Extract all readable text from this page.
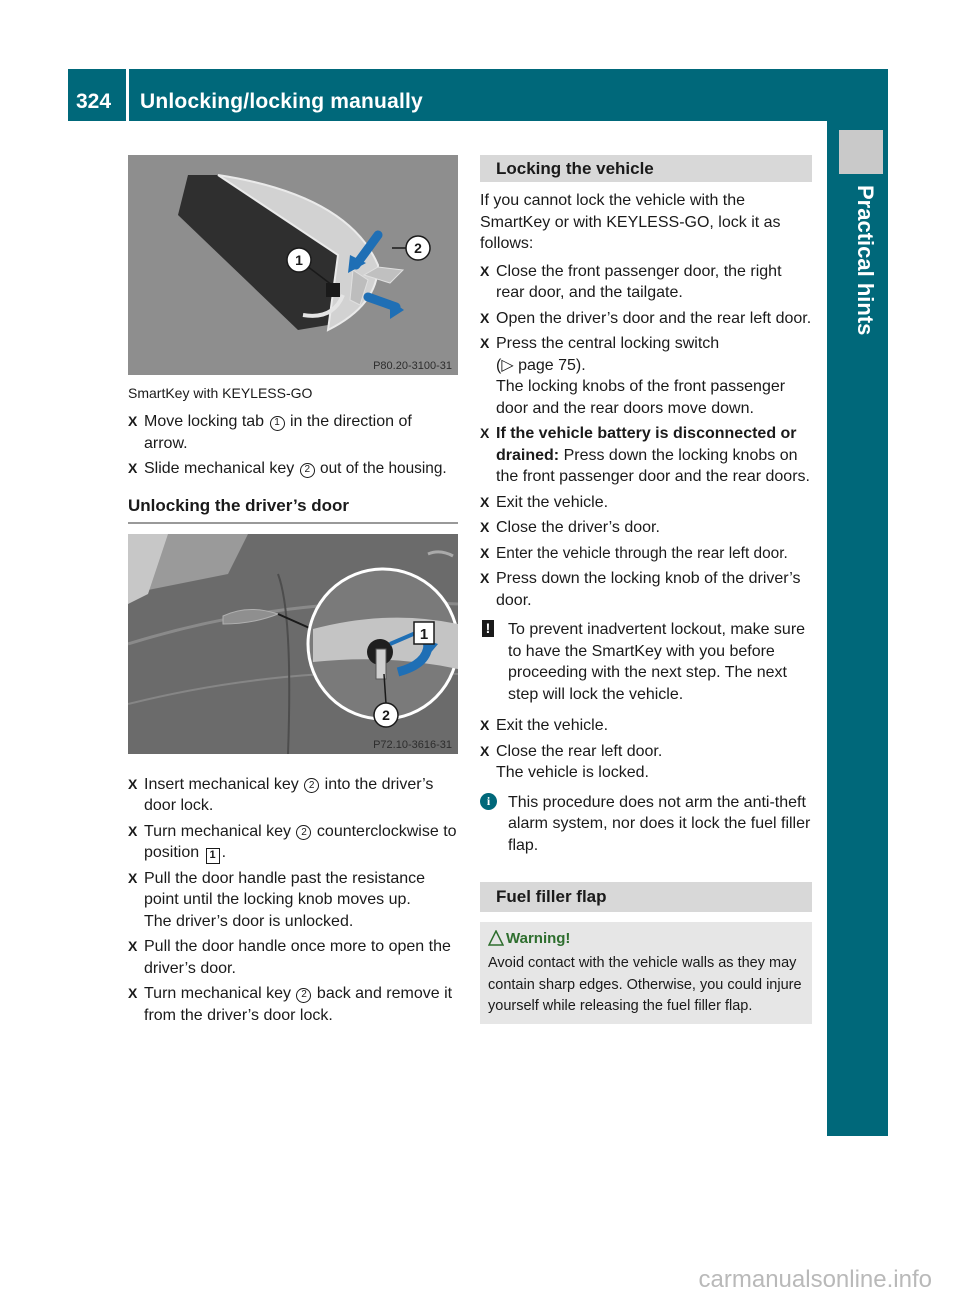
324	Unlocking/locking manually
Practical hints
1
2
P80.20-3100-31
SmartKey with KEYLESS-GO
X Move locking tab 1 in the direction of arrow.
X Slide mechanical key 2 out of the housing.
Unlocking the driver’s door
1
2
P72.10-3616-31
X Insert mechanical key 2 into the driver’s door lock.
X Turn mechanical key 2 counterclockwise to position 1 .
X Pull the door handle past the resistance point until the locking knob moves up.
The driver’s door is unlocked.
X Pull the door handle once more to open the driver’s door.
X Turn mechanical key 2 back and remove it from the driver’s door lock.
Locking the vehicle

If you cannot lock the vehicle with the SmartKey or with KEYLESS-GO, lock it as follows:

X Close the front passenger door, the right rear door, and the tailgate.
X Open the driver’s door and the rear left door.
X Press the central locking switch
(▷ page 75).
The locking knobs of the front passenger door and the rear doors move down.
X If the vehicle battery is disconnected or drained: Press down the locking knobs on the front passenger door and the rear doors.
X Exit the vehicle.
X Close the driver’s door.
X Enter the vehicle through the rear left door.
X Press down the locking knob of the driver’s door.
! To prevent inadvertent lockout, make sure to have the SmartKey with you before proceeding with the next step. The next step will lock the vehicle.
X Exit the vehicle.
X Close the rear left door.
The vehicle is locked.
i	This procedure does not arm the anti-theft alarm system, nor does it lock the fuel filler flap.
Fuel filler flap
Warning!
Avoid contact with the vehicle walls as they may contain sharp edges. Otherwise, you could injure yourself while releasing the fuel filler flap.
carmanualsonline.info
